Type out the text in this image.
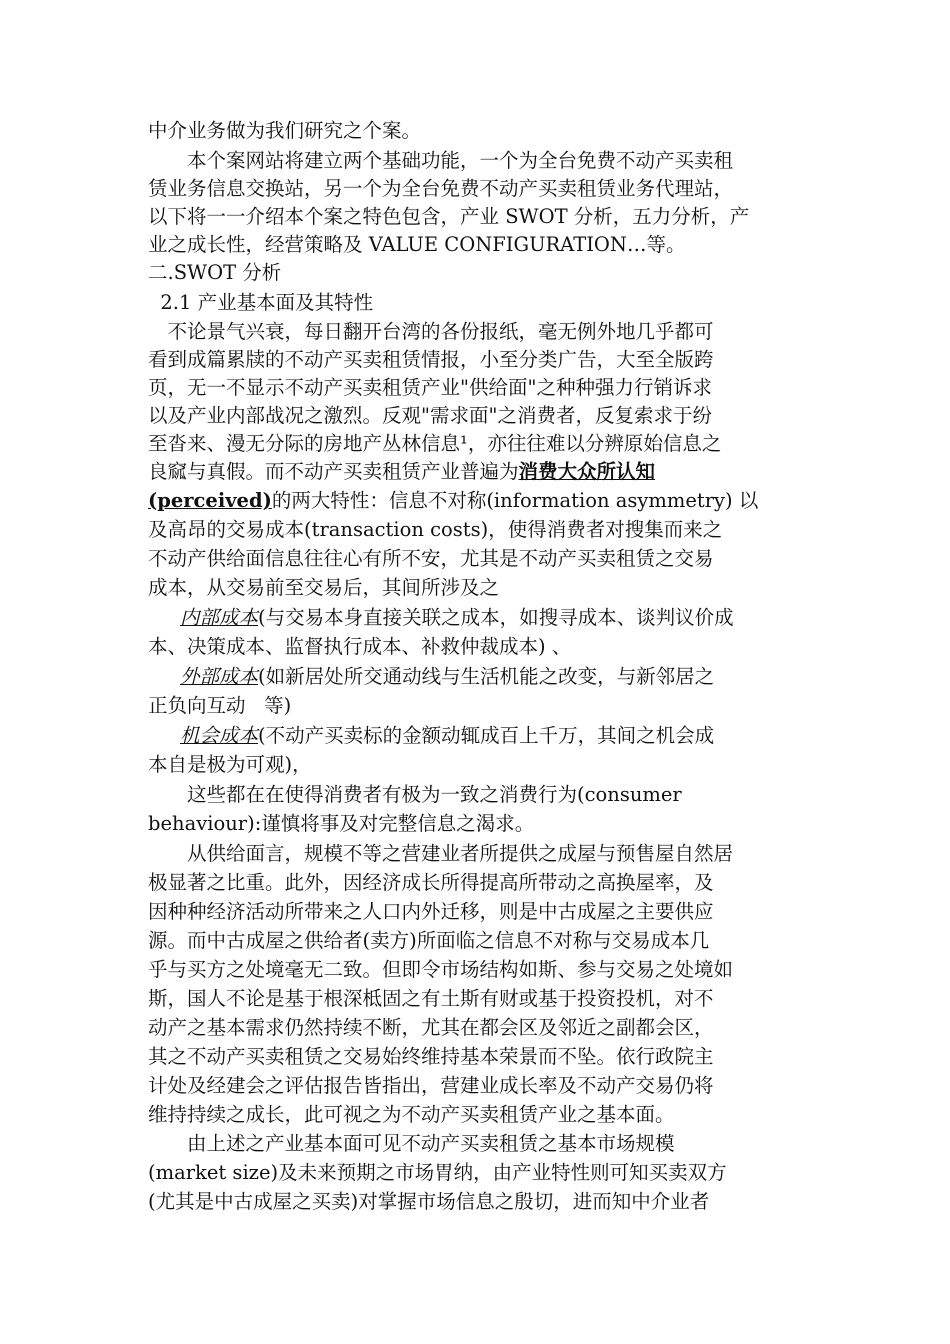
中介业务做为我们研究之个案。
　　本个案网站将建立两个基础功能，一个为全台免费不动产买卖租
赁业务信息交换站，另一个为全台免费不动产买卖租赁业务代理站，
以下将一一介绍本个案之特色包含，产业 SWOT 分析，五力分析，产
业之成长性，经营策略及 VALUE CONFIGURATION…等。
二.SWOT 分析
2.1 产业基本面及其特性
　不论景气兴衰，每日翻开台湾的各份报纸，毫无例外地几乎都可
看到成篇累牍的不动产买卖租赁情报，小至分类广告，大至全版跨
页，无一不显示不动产买卖租赁产业"供给面"之种种强力行销诉求
以及产业内部战况之激烈。反观"需求面"之消费者，反复索求于纷
至沓来、漫无分际的房地产丛林信息¹，亦往往难以分辨原始信息之
良窳与真假。而不动产买卖租赁产业普遍为消费大众所认知
(perceived)的两大特性：信息不对称(information asymmetry) 以
及高昂的交易成本(transaction costs)，使得消费者对搜集而来之
不动产供给面信息往往心有所不安，尤其是不动产买卖租赁之交易
成本，从交易前至交易后，其间所涉及之
内部成本(与交易本身直接关联之成本，如搜寻成本、谈判议价成
本、决策成本、监督执行成本、补救仲裁成本) 、
外部成本(如新居处所交通动线与生活机能之改变，与新邻居之
正负向互动   等)
机会成本(不动产买卖标的金额动辄成百上千万，其间之机会成
本自是极为可观)，
　　这些都在在使得消费者有极为一致之消费行为(consumer
behaviour):谨慎将事及对完整信息之渴求。
　　从供给面言，规模不等之营建业者所提供之成屋与预售屋自然居
极显著之比重。此外，因经济成长所得提高所带动之高换屋率，及
因种种经济活动所带来之人口内外迁移，则是中古成屋之主要供应
源。而中古成屋之供给者(卖方)所面临之信息不对称与交易成本几
乎与买方之处境毫无二致。但即令市场结构如斯、参与交易之处境如
斯，国人不论是基于根深柢固之有土斯有财或基于投资投机，对不
动产之基本需求仍然持续不断，尤其在都会区及邻近之副都会区，
其之不动产买卖租赁之交易始终维持基本荣景而不坠。依行政院主
计处及经建会之评估报告皆指出，营建业成长率及不动产交易仍将
维持持续之成长，此可视之为不动产买卖租赁产业之基本面。
　　由上述之产业基本面可见不动产买卖租赁之基本市场规模
(market size)及未来预期之市场胃纳，由产业特性则可知买卖双方
(尤其是中古成屋之买卖)对掌握市场信息之殷切，进而知中介业者
